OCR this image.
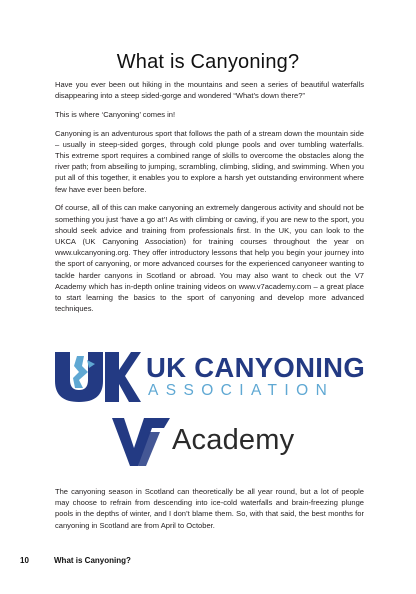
What is Canyoning?

Have you ever been out hiking in the mountains and seen a series of beautiful waterfalls disappearing into a steep sided-gorge and wondered “What’s down there?”

This is where ‘Canyoning’ comes in!

Canyoning is an adventurous sport that follows the path of a stream down the mountain side – usually in steep-sided gorges, through cold plunge pools and over tumbling waterfalls. This extreme sport requires a combined range of skills to overcome the obstacles along the river path; from abseiling to jumping, scrambling, climbing, sliding, and swimming. When you put all of this together, it enables you to explore a harsh yet outstanding environment where few have ever been before.

Of course, all of this can make canyoning an extremely dangerous activity and should not be something you just ‘have a go at’! As with climbing or caving, if you are new to the sport, you should seek advice and training from professionals first. In the UK, you can look to the UKCA (UK Canyoning Association) for training courses throughout the year on www.ukcanyoning.org. They offer introductory lessons that help you begin your journey into the sport of canyoning, or more advanced courses for the experienced canyoneer wanting to tackle harder canyons in Scotland or abroad. You may also want to check out the V7 Academy which has in-depth online training videos on www.v7academy.com – a great place to start learning the basics to the sport of canyoning and develop more advanced techniques.

UK CANYONING
ASSOCIATION
Academy

The canyoning season in Scotland can theoretically be all year round, but a lot of people may choose to refrain from descending into ice-cold waterfalls and brain-freezing plunge pools in the depths of winter, and I don’t blame them. So, with that said, the best months for canyoning in Scotland are from April to October.

10	What is Canyoning?
